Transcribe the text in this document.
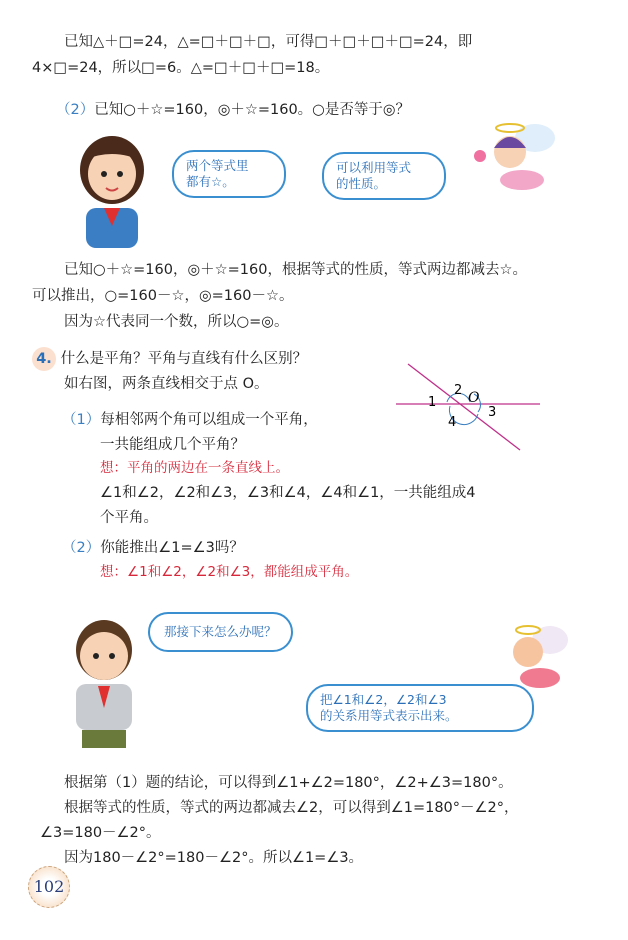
已知△＋□=24，△=□＋□＋□，可得□＋□＋□＋□=24，即
4×□=24，所以□=6。△=□＋□＋□=18。
（2）已知○＋☆=160，◎＋☆=160。○是否等于◎？
两个等式里
都有☆。
可以利用等式
的性质。
已知○＋☆=160，◎＋☆=160，根据等式的性质，等式两边都减去☆。
可以推出，○=160－☆，◎=160－☆。
因为☆代表同一个数，所以○=◎。
4. 什么是平角？平角与直线有什么区别？
如右图，两条直线相交于点 O。
1
2 O
3
4
（1）每相邻两个角可以组成一个平角，
一共能组成几个平角？
想：平角的两边在一条直线上。
∠1和∠2，∠2和∠3，∠3和∠4，∠4和∠1，一共能组成4
个平角。
（2）你能推出∠1=∠3吗？
想：∠1和∠2，∠2和∠3，都能组成平角。
那接下来怎么办呢？
把∠1和∠2，∠2和∠3
的关系用等式表示出来。
根据第（1）题的结论，可以得到∠1+∠2=180°，∠2+∠3=180°。
根据等式的性质，等式的两边都减去∠2，可以得到∠1=180°－∠2°，
∠3=180－∠2°。
因为180－∠2°=180－∠2°。所以∠1=∠3。
102
